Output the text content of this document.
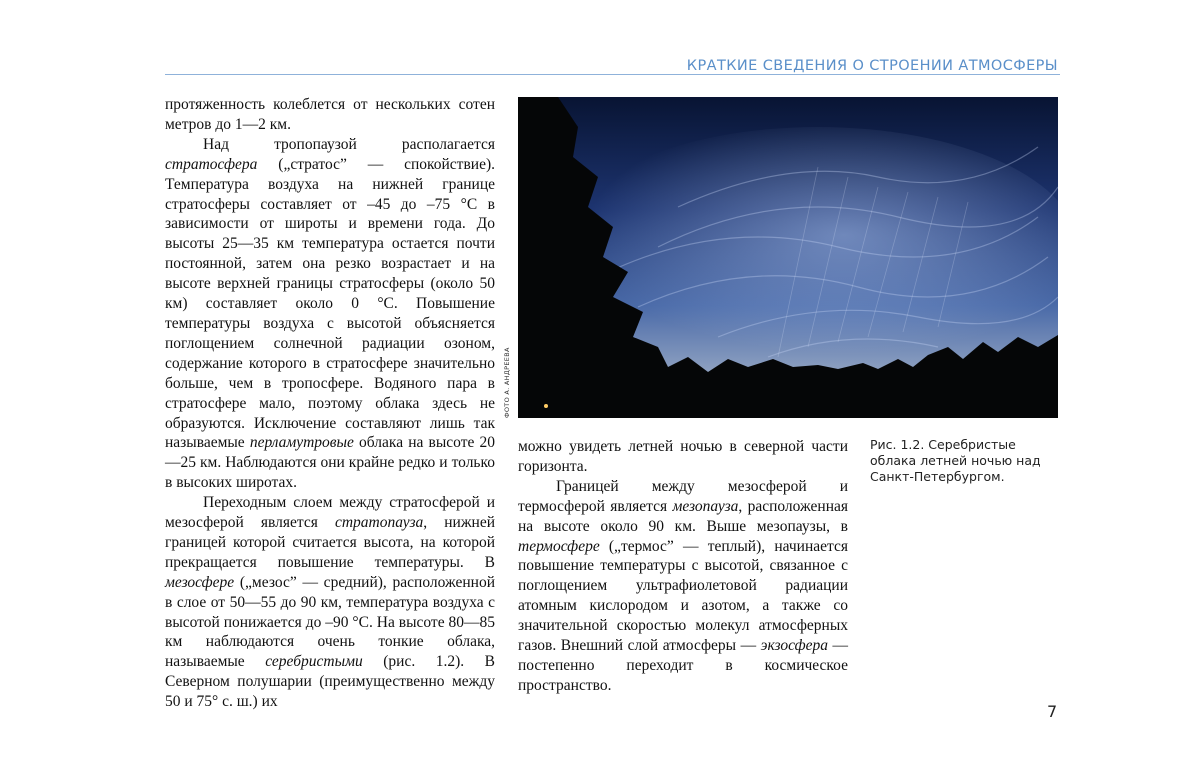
КРАТКИЕ СВЕДЕНИЯ О СТРОЕНИИ АТМОСФЕРЫ

протяженность колеблется от нескольких сотен метров до 1—2 км.

Над тропопаузой располагается стратосфера („стратос” — спокойствие). Температура воздуха на нижней границе стратосферы составляет от –45 до –75 °С в зависимости от широты и времени года. До высоты 25—35 км температура остается почти постоянной, затем она резко возрастает и на высоте верхней границы стратосферы (около 50 км) составляет около 0 °С. Повышение температуры воздуха с высотой объясняется поглощением солнечной радиации озоном, содержание которого в стратосфере значительно больше, чем в тропосфере. Водяного пара в стратосфере мало, поэтому облака здесь не образуются. Исключение составляют лишь так называемые перламутровые облака на высоте 20—25 км. Наблюдаются они крайне редко и только в высоких широтах.

Переходным слоем между стратосферой и мезосферой является стратопауза, нижней границей которой считается высота, на которой прекращается повышение температуры. В мезосфере („мезос” — средний), расположенной в слое от 50—55 до 90 км, температура воздуха с высотой понижается до –90 °С. На высоте 80—85 км наблюдаются очень тонкие облака, называемые серебристыми (рис. 1.2). В Северном полушарии (преимущественно между 50 и 75° с. ш.) их

ФОТО А. АНДРЕЕВА

можно увидеть летней ночью в северной части горизонта.

Границей между мезосферой и термосферой является мезопауза, расположенная на высоте около 90 км. Выше мезопаузы, в термосфере („термос” — теплый), начинается повышение температуры с высотой, связанное с поглощением ультрафиолетовой радиации атомным кислородом и азотом, а также со значительной скоростью молекул атмосферных газов. Внешний слой атмосферы — экзосфера — постепенно переходит в космическое пространство.

Рис. 1.2. Серебристые облака летней ночью над Санкт-Петербургом.
7
